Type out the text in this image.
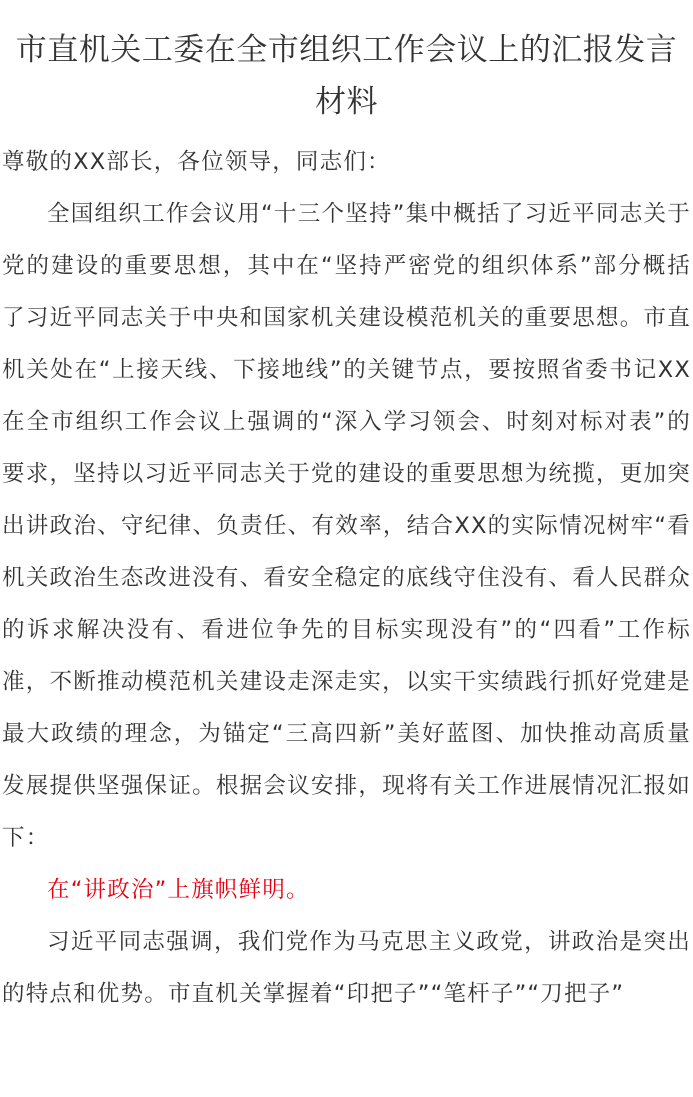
市直机关工委在全市组织工作会议上的汇报发言材料

尊敬的XX部长，各位领导，同志们：

全国组织工作会议用“十三个坚持”集中概括了习近平同志关于党的建设的重要思想，其中在“坚持严密党的组织体系”部分概括了习近平同志关于中央和国家机关建设模范机关的重要思想。市直机关处在“上接天线、下接地线”的关键节点，要按照省委书记XX在全市组织工作会议上强调的“深入学习领会、时刻对标对表”的要求，坚持以习近平同志关于党的建设的重要思想为统揽，更加突出讲政治、守纪律、负责任、有效率，结合XX的实际情况树牢“看机关政治生态改进没有、看安全稳定的底线守住没有、看人民群众的诉求解决没有、看进位争先的目标实现没有”的“四看”工作标准，不断推动模范机关建设走深走实，以实干实绩践行抓好党建是最大政绩的理念，为锚定“三高四新”美好蓝图、加快推动高质量发展提供坚强保证。根据会议安排，现将有关工作进展情况汇报如下：

在“讲政治”上旗帜鲜明。

习近平同志强调，我们党作为马克思主义政党，讲政治是突出的特点和优势。市直机关掌握着“印把子”“笔杆子”“刀把子”
